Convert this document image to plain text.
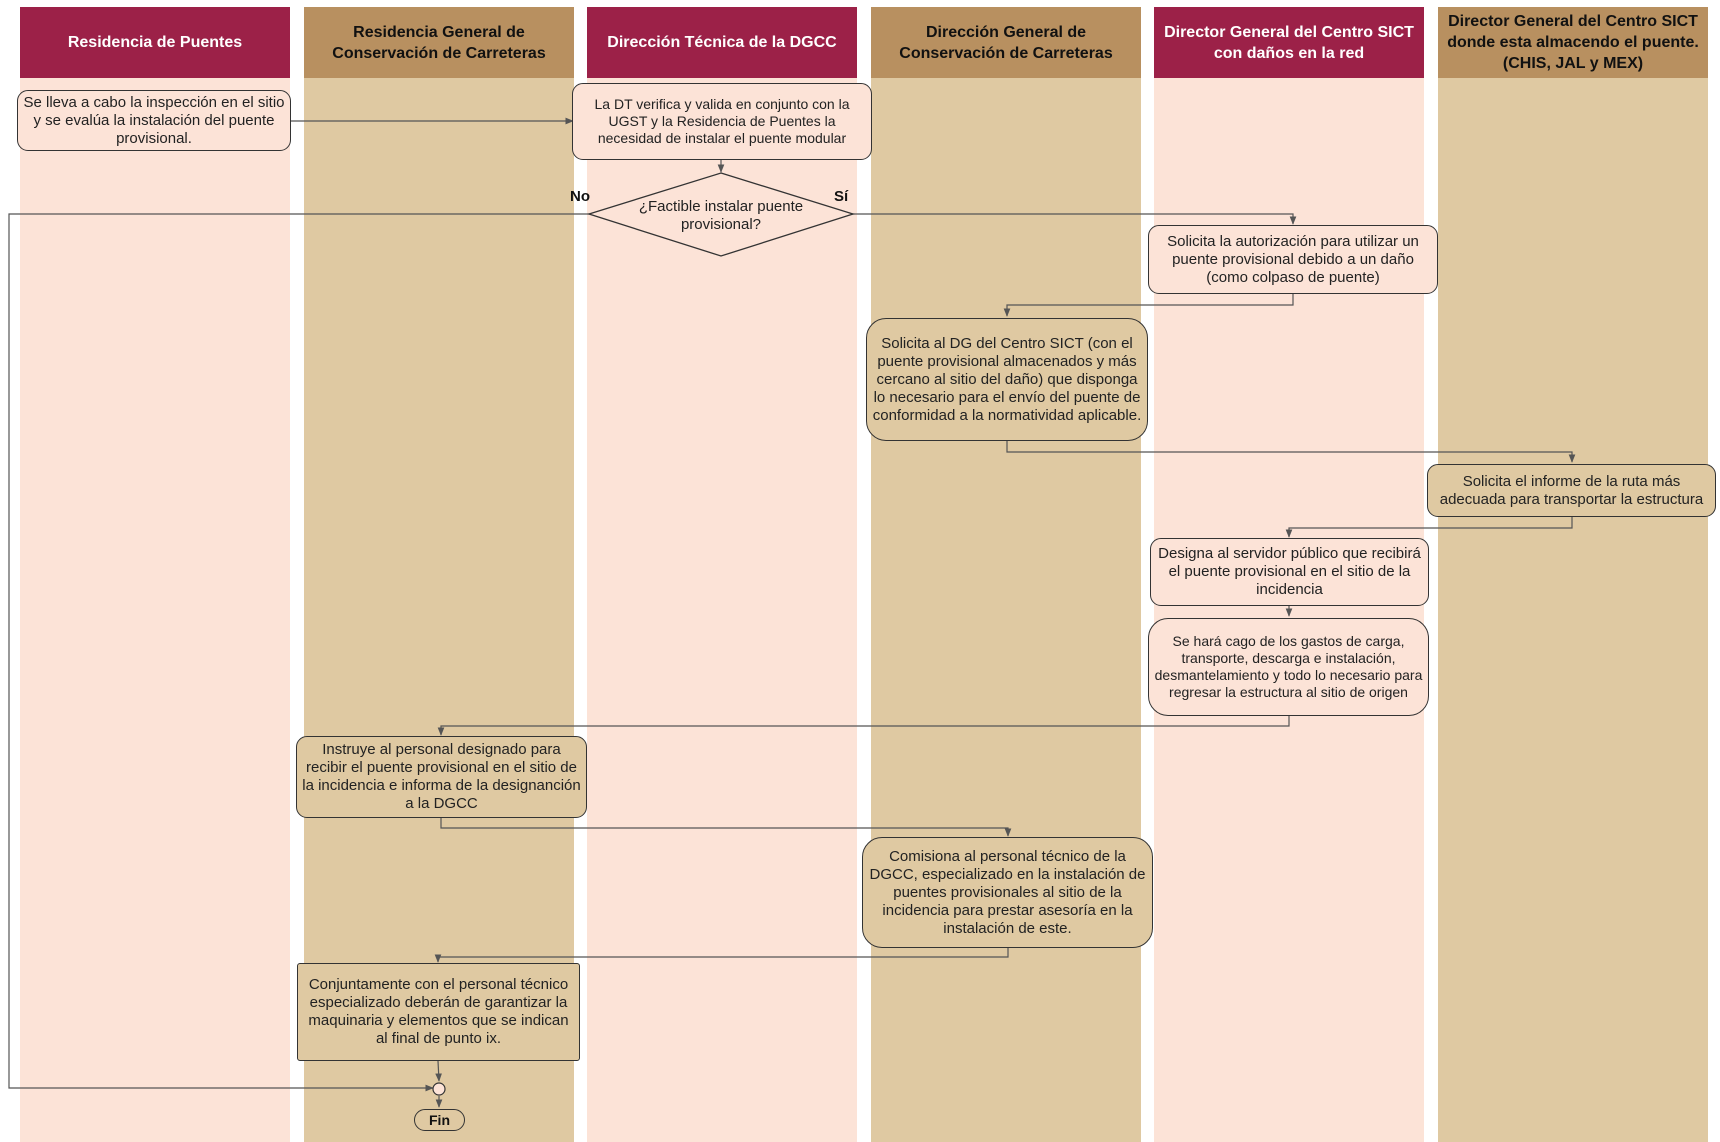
Residencia de Puentes
Residencia General de Conservación de Carreteras
Dirección Técnica de la DGCC
Dirección General de Conservación de Carreteras
Director General del Centro SICT con daños en la red
Director General del Centro SICT donde esta almacendo el puente. (CHIS, JAL y MEX)
Se lleva a cabo la inspección en el sitio y se evalúa la instalación del puente provisional.
La DT verifica y valida en conjunto con la UGST y la Residencia de Puentes la necesidad de instalar el puente modular
¿Factible instalar puente provisional?
No	Sí
Solicita la autorización para utilizar un puente provisional debido a un daño (como colpaso de puente)
Solicita al DG del Centro SICT (con el puente provisional almacenados y más cercano al sitio del daño) que disponga lo necesario para el envío del puente de conformidad a la normatividad aplicable.
Solicita el informe de la ruta más adecuada para transportar la estructura
Designa al servidor público que recibirá el puente provisional en el sitio de la incidencia
Se hará cago de los gastos de carga, transporte, descarga e instalación, desmantelamiento y todo lo necesario para regresar la estructura al sitio de origen
Instruye al personal designado para recibir el puente provisional en el sitio de la incidencia e informa de la designanción a la DGCC
Comisiona al personal técnico de la DGCC, especializado en la instalación de puentes provisionales al sitio de la incidencia para prestar asesoría en la instalación de este.
Conjuntamente con el personal técnico especializado deberán de garantizar la maquinaria y elementos que se indican al final de punto ix.
Fin
